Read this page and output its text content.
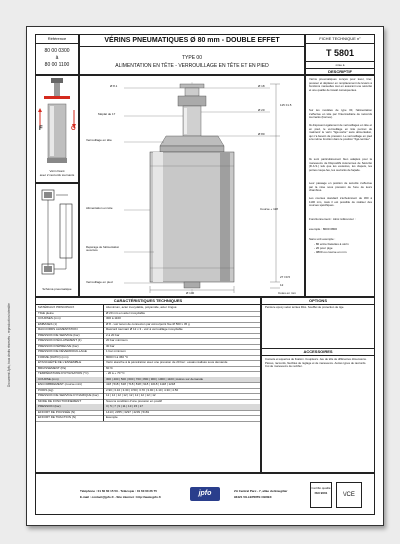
Document Jpfo, tous droits réservés - reproduction interdite
Référence
80 00 0300
à
80 00 1100
VÉRINS PNEUMATIQUES Ø 80 mm - DOUBLE EFFET
TYPE 00
ALIMENTATION EN TÊTE - VERROUILLAGE EN TÊTE ET EN PIED
FICHE TECHNIQUE n°
T 5801
mise à
DESCRIPTIF
F	O
Vérin fixant
avec 2 raccords tournants
Schéma pneumatique
Ø 8.1	Ø 18
Méplat de 17
Ø 20
Ø 80
Verrouillage en tête
Alimentation en tête	Course + 118
Repérage de l'alimentation ouverture
Verrouillage en pied
Ø 100	Cotes en mm
115 ±1.5
27 ±0.5
12
Vérins pneumatiques conçus pour lever, tirer, pousser et déplacer en remplacement de leviers à fonctions manuelles tout en assurant une sécurité et une qualité de travail conséquentes.
Sur les modèles de type 00, l'alimentation s'effectue en tête par l'intermédiaire de raccords tournants (bornes).
Ils disposent également de verrouillages en tête et en pied, le verrouillage en tête permet de maintenir le vérin "figé-sortie" sans alimentation, qui n'a besoin de pression. Le verrouillage en pied a la même fonction dans le position "figé-rentrée".
Ils sont particulièrement bien adaptés pour la manoeuvre de Dispositifs Autonomes de Sécurité (D.A.S.) tels que les exutoires, les clapets, les portes coupe-feu, les ouvrants de façade.
Leur passage en position de sécurité s'effectue par la mise sous pression de l'une de leurs chambres.
Les courses standard s'échelonnent de 300 à 1100 mm, mais il est possible de réaliser des courses spécifiques.
Fonctionnement : Ainsi référencer :
exemple : 8000 0800
Sans unit exemple :
- 80 entre bielettes à vérin
- 20 pour pige
- 0800 ou course en mm
CARACTÉRISTIQUES TECHNIQUES
MATÉRIAUX PRINCIPAUX	Aluminium, acier inoxydable, polyamide, acier zingué
TIGE pleine	Ø 20 mm en acier inoxydable
COURSES (mm)	300 à 1100
EMBASES (1)	Ø 8 - voir tenon de connexion par écrou/point fixe Ø 560 x 45 g
RACCORDS ALIMENTATION	Raccord tournant Ø 12 x 3 - voir à verrouillage inoxydable
PRESSION DE SERVICE (bar)	2 à 20 bar
PRESSION D'ÉCLATEMENT (4)	20 bar minimum
PRESSION D'ÉPREUVE (bar)	30 bar
PRESSION DE DÉVERROUILLAGE	1 bar minimum
FORME (RATIO) (mm)	8000 N à 360 °C
ÉTANCHÉITÉ DE L'ENSEMBLE	Vérin étanche à la pénétration avec une pression de 20 bar : essais réalisés sous demande
BRUISSEMENT (Pa)	60 %
TEMPÉRATURE D'UTILISATION (°C)	- 20 à + 70 °C
COURSE (mm)	300 | 400 | 500 | 600 | 700 | 800 | 900 | 1000 | 1100 | Autres sur demande
ENCOMBREMENT (course mini)	418 | 518 | 618 | 718 | 818 | 918 | 1018 | 1118 | 1218
POIDS (kg)	2.90 | 3.10 | 3.30 | 3.50 | 3.70 | 3.90 | 4.10 | 4.30 | 4.50
PRESSION DE SERVICE DYNAMIQUE (bar) 12 | 12 | 12 | 12 | 12 | 12 | 12 | 12 | 12
MODE DE FONCTIONNEMENT	Sous la condition d'une pression en positif
PRESSION (bar)	3 | 5 | 7 | 9 | 11 | 13 | 15 | 17
EFFORT DE POUSSÉE (N)	1413 | 2355 | 3297 | 4239 | 5181
EFFORT DE TRACTION (N)	Exemple
OPTIONS
Peinture époxy selon teintes RAL. Soufflet de protection de tige.
ACCESSOIRES
Console et équerres de fixation. Coupleurs. Jeu de tôle de différentes dimensions. Pièces, raccords, flexibles de réglage et de manoeuvre. Autres types de raccords. Cot de manoeuvre de rectifier.
Téléphone : 01 60 60 15 53 - Télécopie : 01 60 60 26 75
E-mail : contact@jpfo.fr - Site internet : http://www.jpfo.fr	jpfo	ZA Central Parc - 7, allée du Bougilier
93421 VILLEPINTE CEDEX
Certifié qualité
ISO 9001	\/CE
